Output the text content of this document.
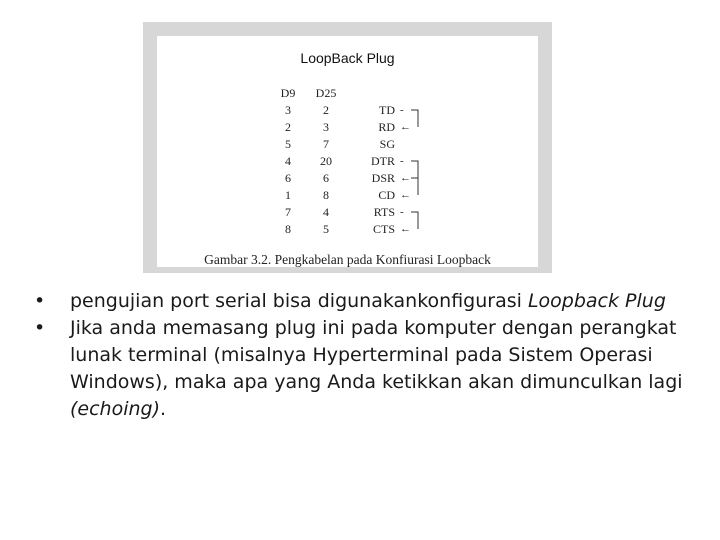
LoopBack Plug
D9	D25
3	2	TD -
2	3	RD ←
5	7	SG
4	20	DTR -
6	6	DSR ←
1	8	CD ←
7	4	RTS -
8	5	CTS ←
Gambar 3.2. Pengkabelan pada Konfiurasi Loopback
•	pengujian port serial bisa digunakankonfigurasi Loopback Plug
•	Jika anda memasang plug ini pada komputer dengan perangkat lunak terminal (misalnya Hyperterminal pada Sistem Operasi Windows), maka apa yang Anda ketikkan akan dimunculkan lagi (echoing).
